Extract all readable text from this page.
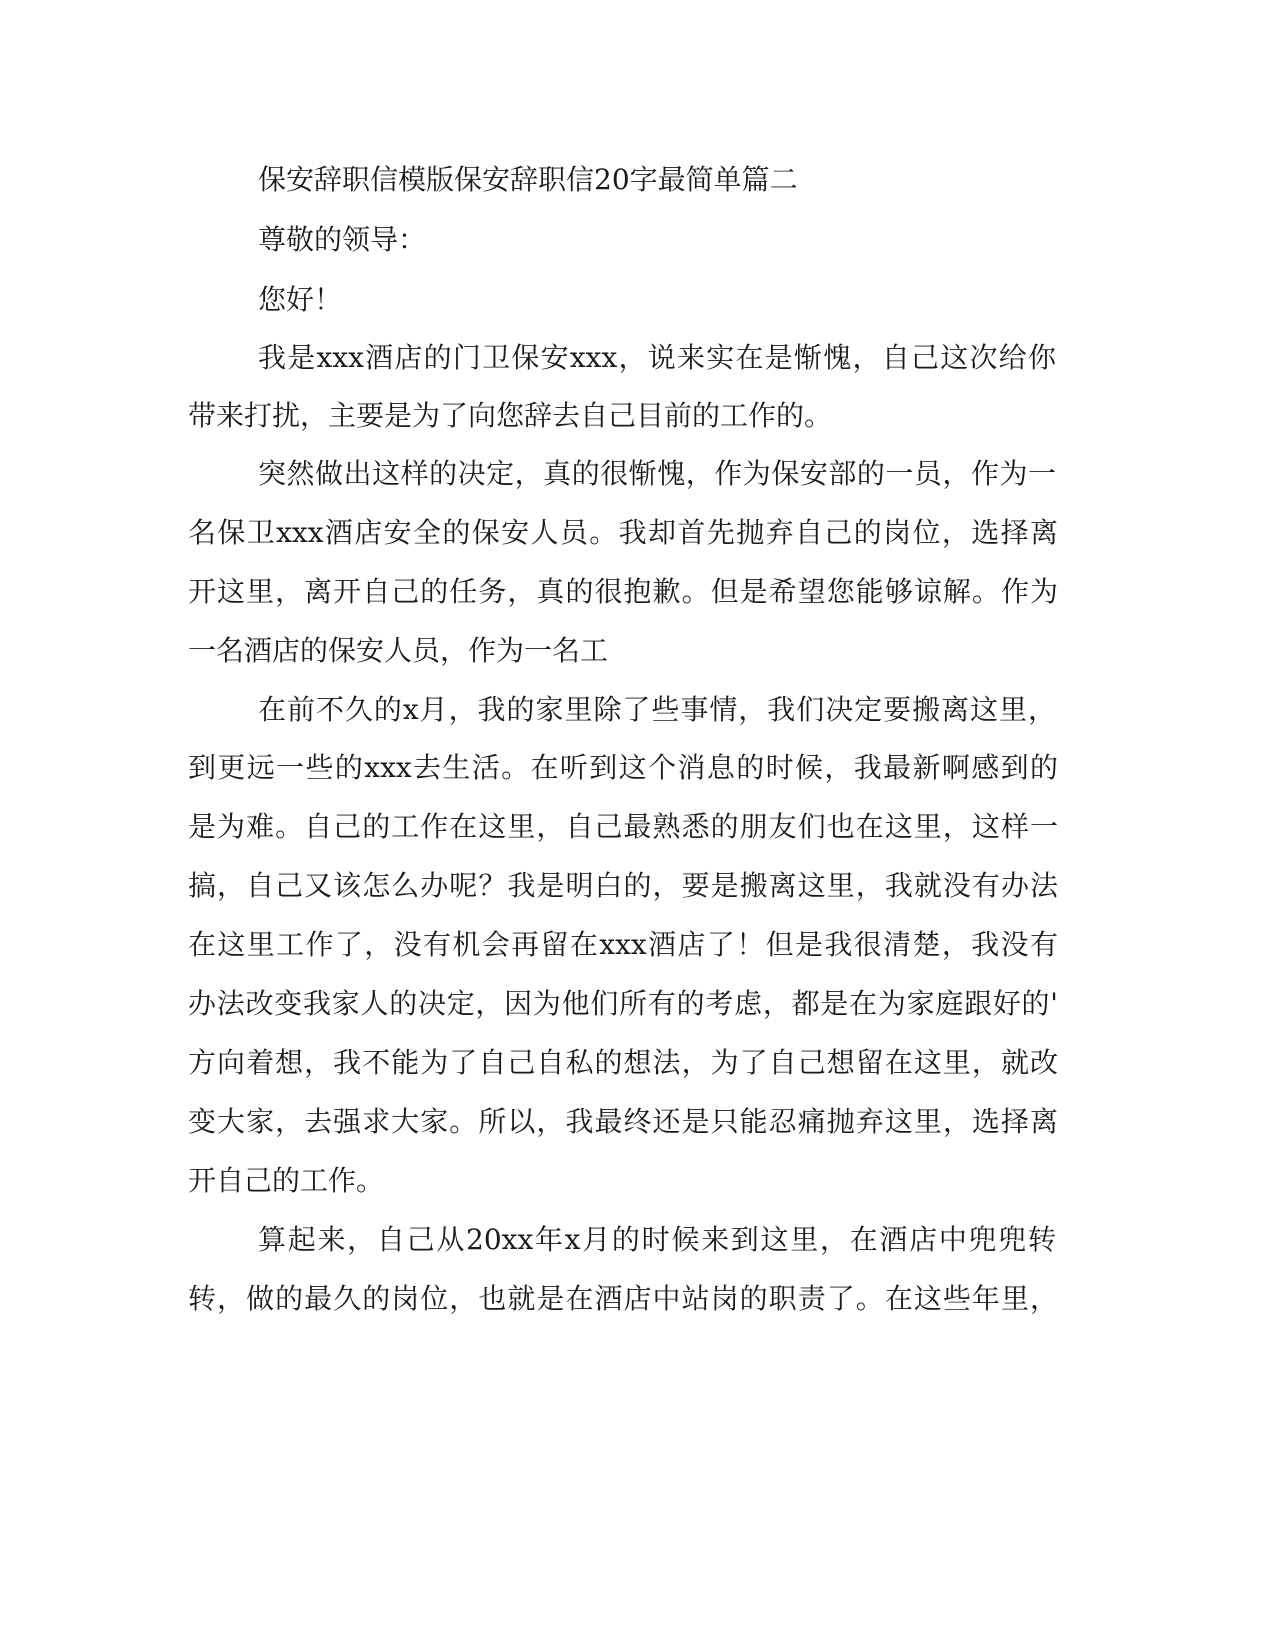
保安辞职信模版保安辞职信20字最简单篇二
尊敬的领导：
您好！
我是xxx酒店的门卫保安xxx，说来实在是惭愧，自己这次给你
带来打扰，主要是为了向您辞去自己目前的工作的。
突然做出这样的决定，真的很惭愧，作为保安部的一员，作为一
名保卫xxx酒店安全的保安人员。我却首先抛弃自己的岗位，选择离
开这里，离开自己的任务，真的很抱歉。但是希望您能够谅解。作为
一名酒店的保安人员，作为一名工
在前不久的x月，我的家里除了些事情，我们决定要搬离这里，
到更远一些的xxx去生活。在听到这个消息的时候，我最新啊感到的
是为难。自己的工作在这里，自己最熟悉的朋友们也在这里，这样一
搞，自己又该怎么办呢？我是明白的，要是搬离这里，我就没有办法
在这里工作了，没有机会再留在xxx酒店了！但是我很清楚，我没有
办法改变我家人的决定，因为他们所有的考虑，都是在为家庭跟好的'
方向着想，我不能为了自己自私的想法，为了自己想留在这里，就改
变大家，去强求大家。所以，我最终还是只能忍痛抛弃这里，选择离
开自己的工作。
算起来，自己从20xx年x月的时候来到这里，在酒店中兜兜转
转，做的最久的岗位，也就是在酒店中站岗的职责了。在这些年里，
